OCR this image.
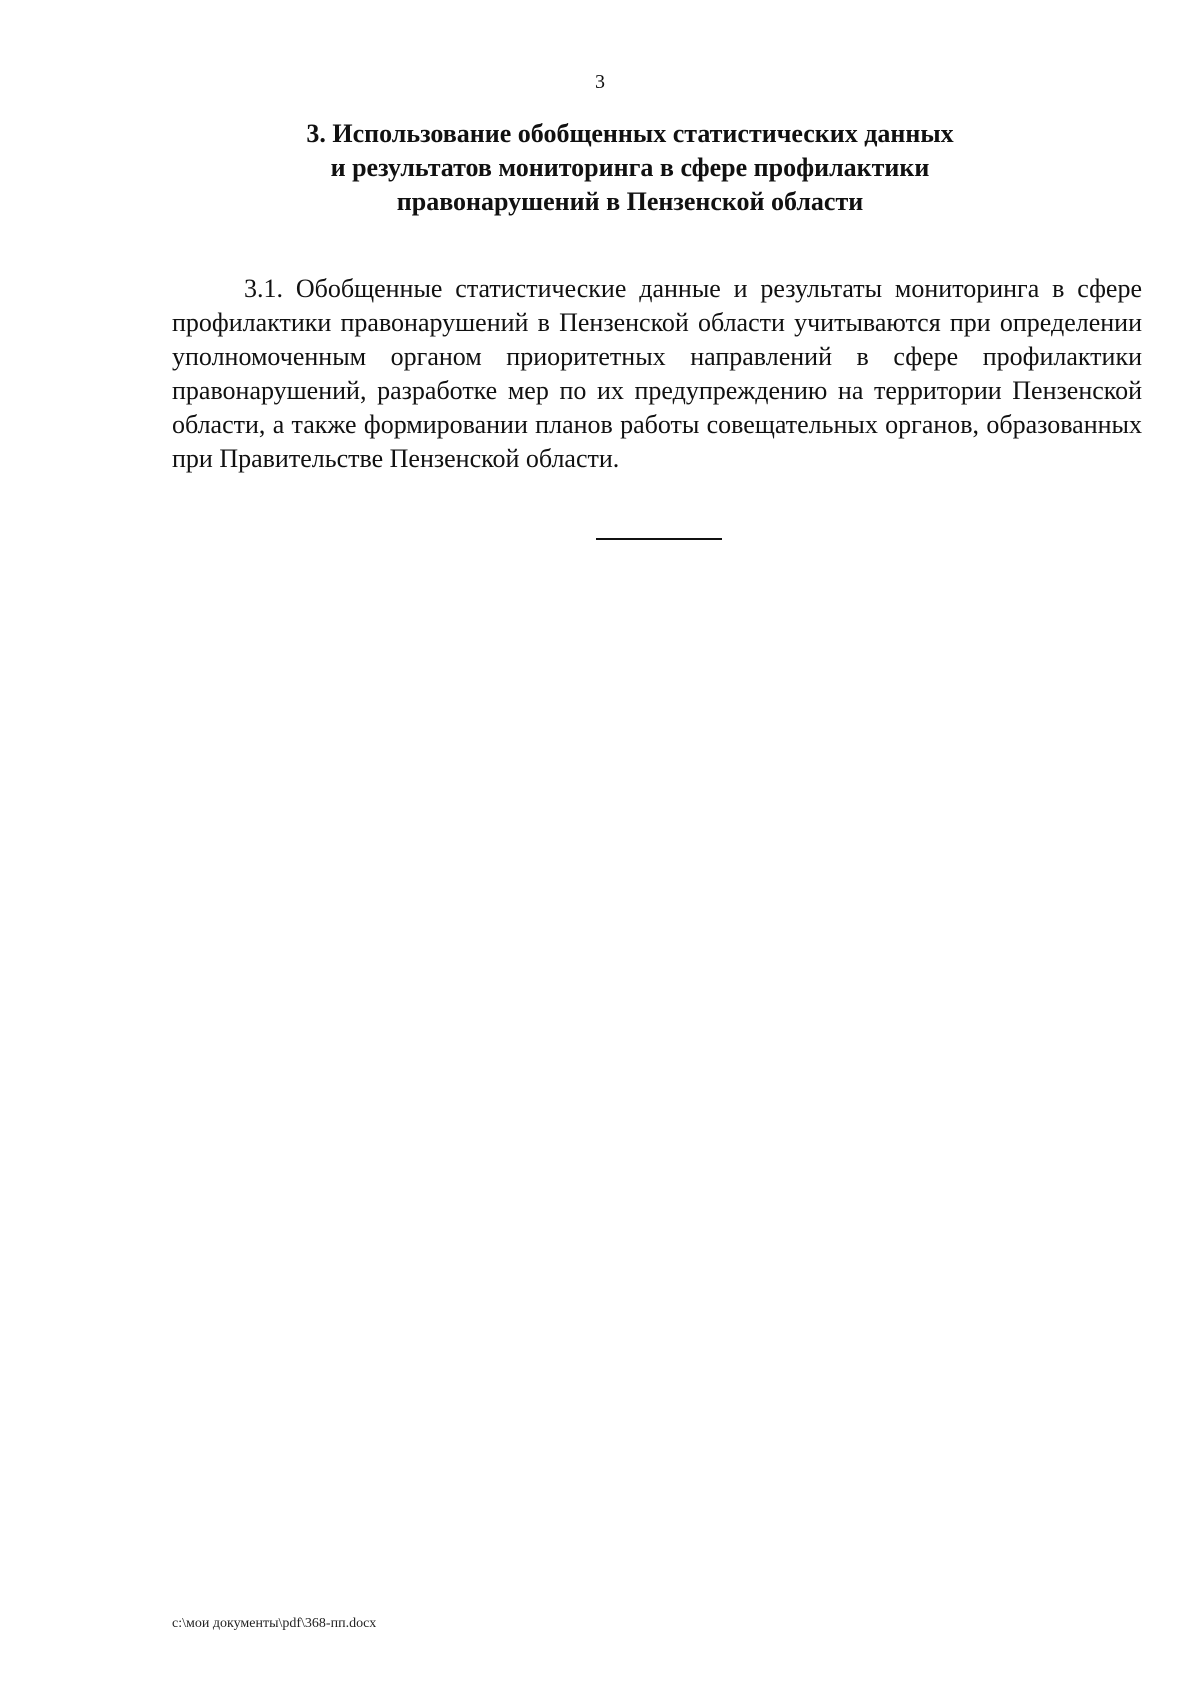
3
3. Использование обобщенных статистических данных
и результатов мониторинга в сфере профилактики
правонарушений в Пензенской области

3.1. Обобщенные статистические данные и результаты мониторинга в сфере профилактики правонарушений в Пензенской области учитываются при определении уполномоченным органом приоритетных направлений в сфере профилактики правонарушений, разработке мер по их предупреждению на территории Пензенской области, а также формировании планов работы совещательных органов, образованных при Правительстве Пензенской области.

c:\мои документы\pdf\368-пп.docx
